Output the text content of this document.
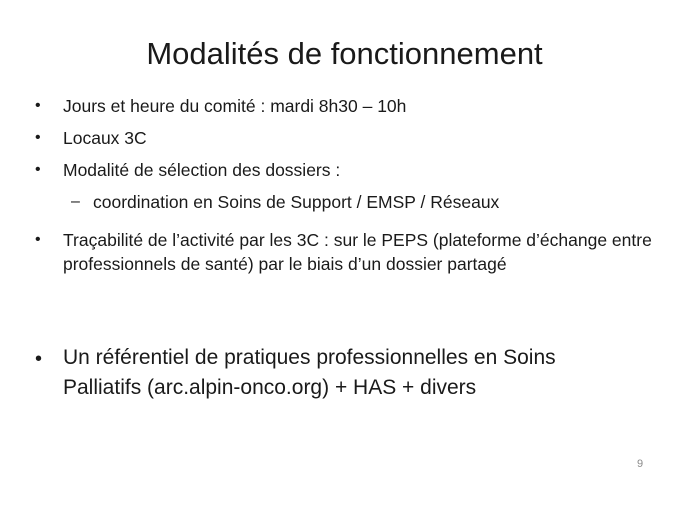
Modalités de fonctionnement
• Jours et heure du comité : mardi 8h30 – 10h
• Locaux 3C
• Modalité de sélection des dossiers :
– coordination en Soins de Support / EMSP / Réseaux
• Traçabilité de l’activité par les 3C : sur le PEPS (plateforme d’échange entre professionnels de santé) par le biais d’un dossier partagé
• Un référentiel de pratiques professionnelles en Soins Palliatifs (arc.alpin-onco.org) + HAS + divers
9
